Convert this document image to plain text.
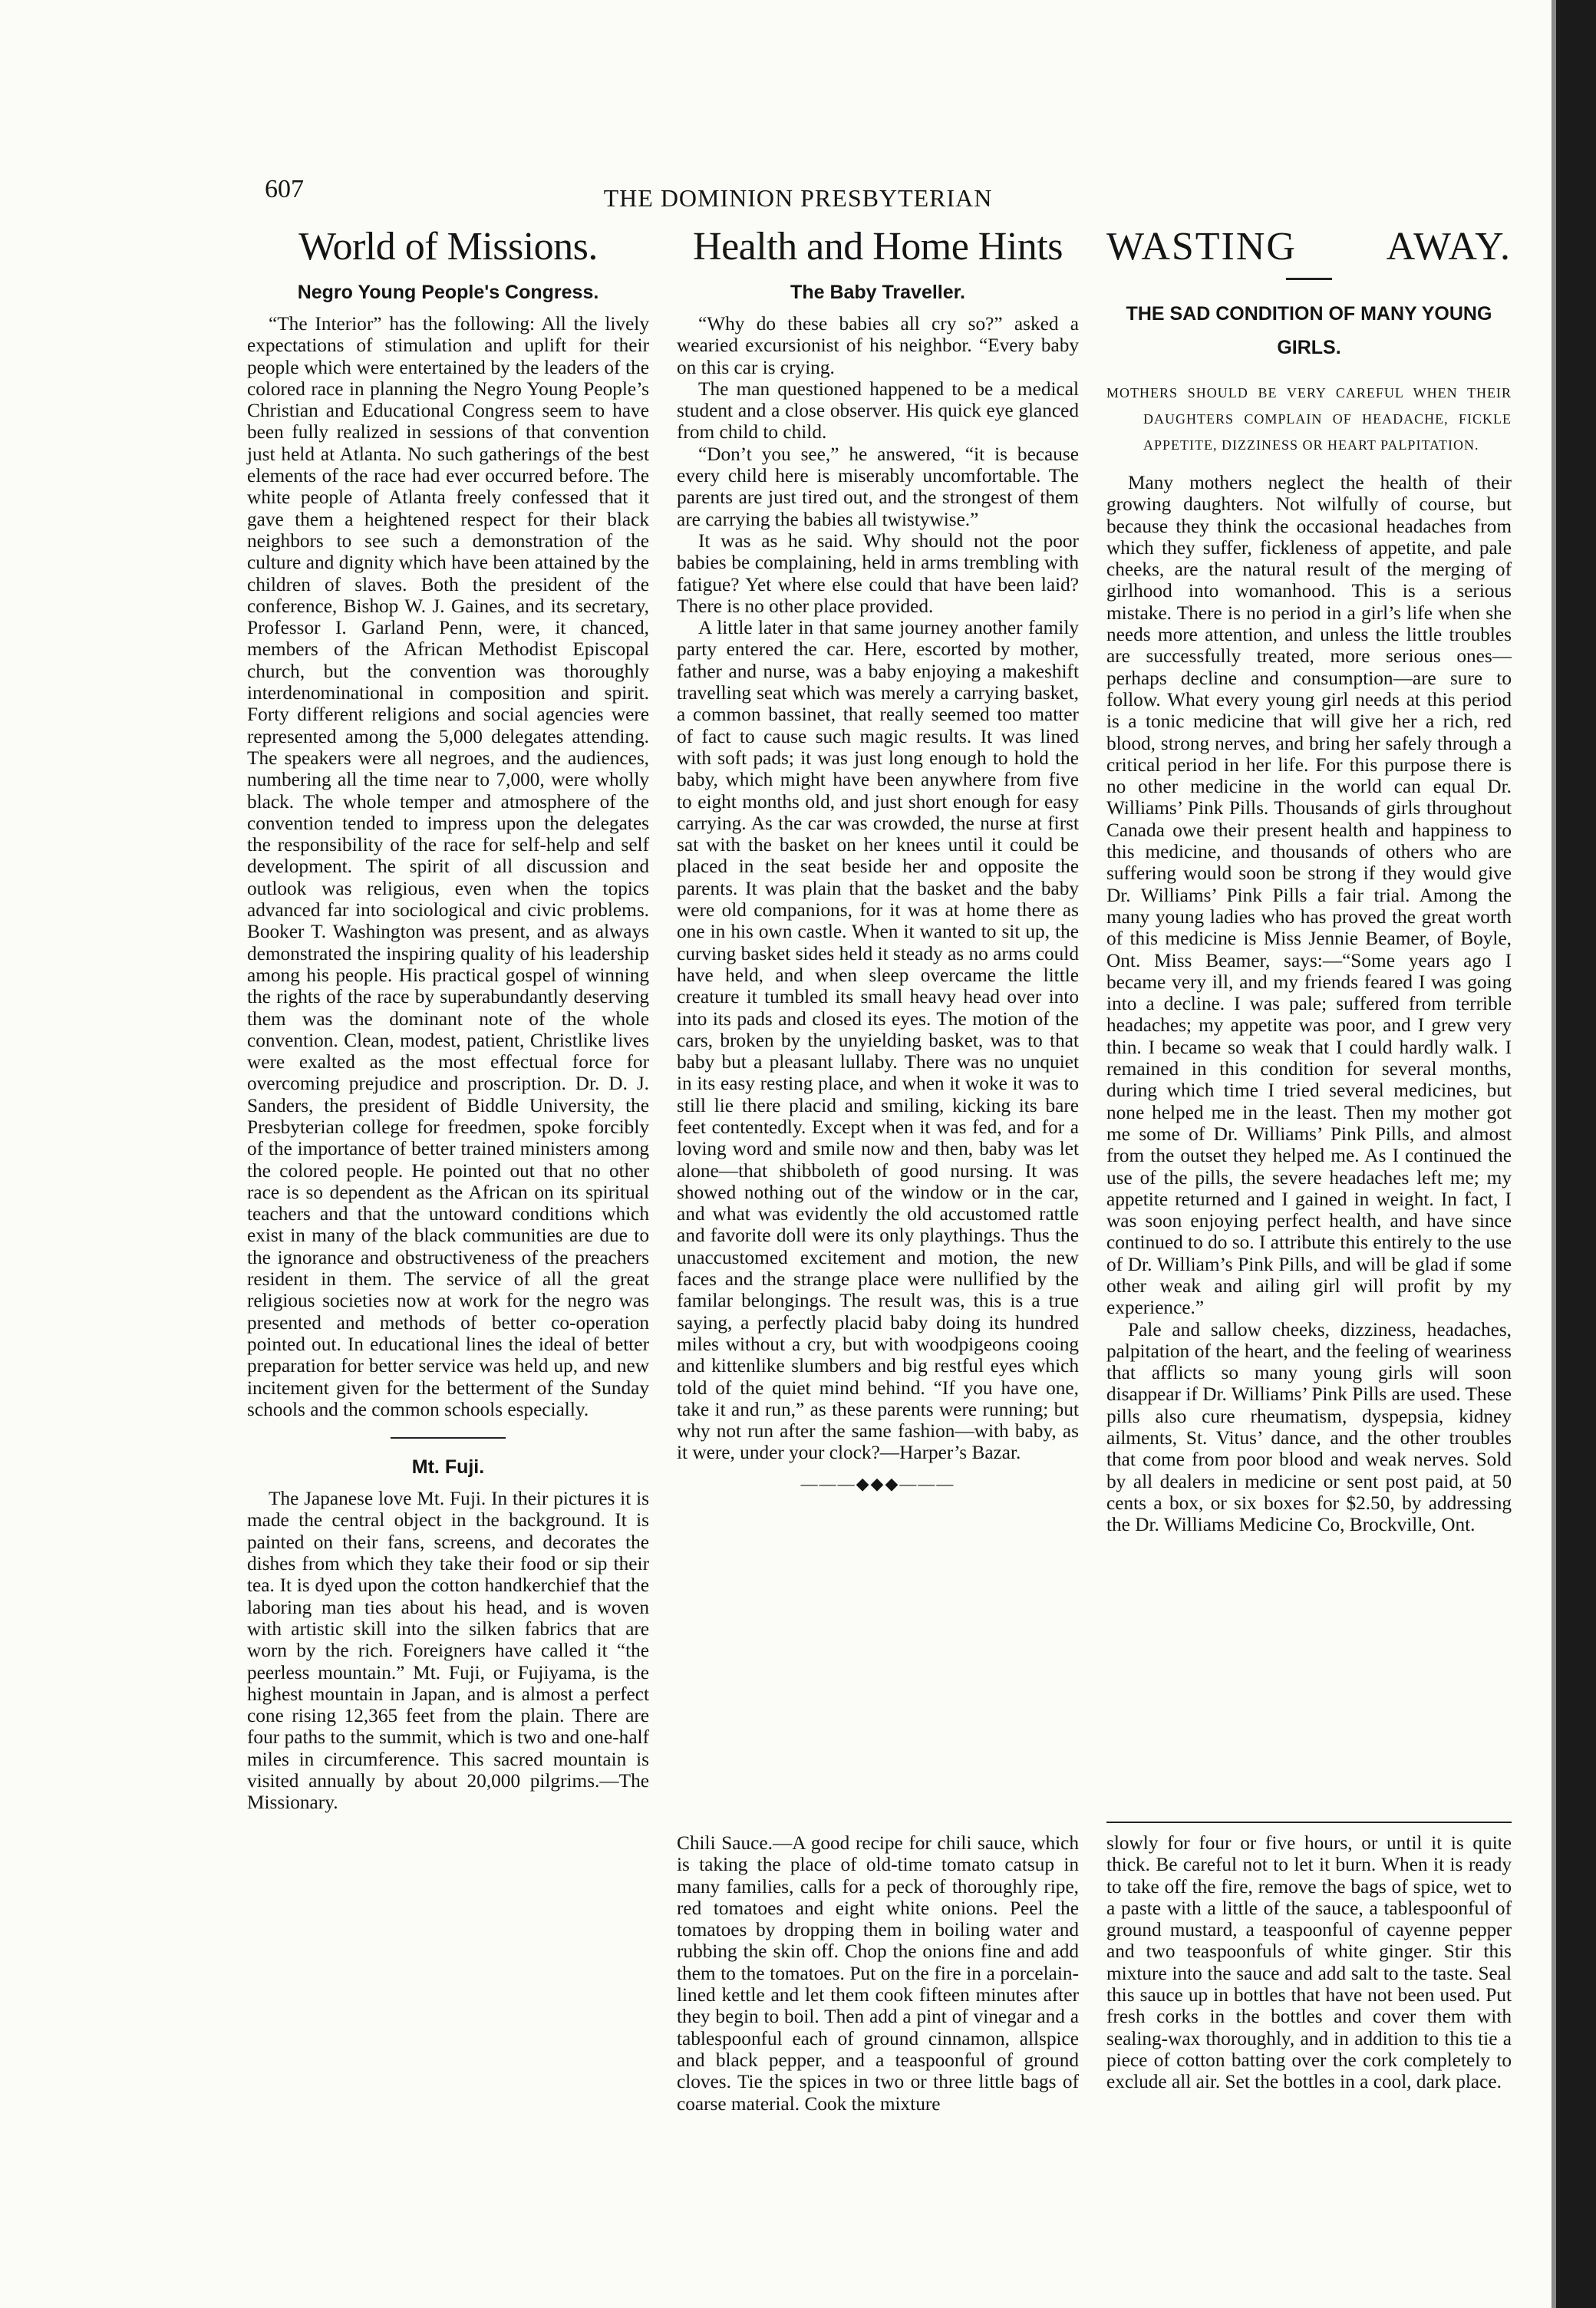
607	THE DOMINION PRESBYTERIAN
World of Missions.
Negro Young People's Congress.

“The Interior” has the following: All the lively expectations of stimulation and uplift for their people which were entertained by the leaders of the colored race in planning the Negro Young People’s Christian and Educational Congress seem to have been fully realized in sessions of that convention just held at Atlanta. No such gatherings of the best elements of the race had ever occurred before. The white people of Atlanta freely confessed that it gave them a heightened respect for their black neighbors to see such a demonstration of the culture and dignity which have been attained by the children of slaves. Both the president of the conference, Bishop W. J. Gaines, and its secretary, Professor I. Garland Penn, were, it chanced, members of the African Methodist Episcopal church, but the convention was thoroughly interdenominational in composition and spirit. Forty different religions and social agencies were represented among the 5,000 delegates attending. The speakers were all negroes, and the audiences, numbering all the time near to 7,000, were wholly black. The whole temper and atmosphere of the convention tended to impress upon the delegates the responsibility of the race for self-help and self development. The spirit of all discussion and outlook was religious, even when the topics advanced far into sociological and civic problems. Booker T. Washington was present, and as always demonstrated the inspiring quality of his leadership among his people. His practical gospel of winning the rights of the race by superabundantly deserving them was the dominant note of the whole convention. Clean, modest, patient, Christlike lives were exalted as the most effectual force for overcoming prejudice and proscription. Dr. D. J. Sanders, the president of Biddle University, the Presbyterian college for freedmen, spoke forcibly of the importance of better trained ministers among the colored people. He pointed out that no other race is so dependent as the African on its spiritual teachers and that the untoward conditions which exist in many of the black communities are due to the ignorance and obstructiveness of the preachers resident in them. The service of all the great religious societies now at work for the negro was presented and methods of better co-operation pointed out. In educational lines the ideal of better preparation for better service was held up, and new incitement given for the betterment of the Sunday schools and the common schools especially.

Mt. Fuji.

The Japanese love Mt. Fuji. In their pictures it is made the central object in the background. It is painted on their fans, screens, and decorates the dishes from which they take their food or sip their tea. It is dyed upon the cotton handkerchief that the laboring man ties about his head, and is woven with artistic skill into the silken fabrics that are worn by the rich. Foreigners have called it “the peerless mountain.” Mt. Fuji, or Fujiyama, is the highest mountain in Japan, and is almost a perfect cone rising 12,365 feet from the plain. There are four paths to the summit, which is two and one-half miles in circumference. This sacred mountain is visited annually by about 20,000 pilgrims.—The Missionary.

Health and Home Hints
The Baby Traveller.

“Why do these babies all cry so?” asked a wearied excursionist of his neighbor. “Every baby on this car is crying.

The man questioned happened to be a medical student and a close observer. His quick eye glanced from child to child.

“Don’t you see,” he answered, “it is because every child here is miserably uncomfortable. The parents are just tired out, and the strongest of them are carrying the babies all twistywise.”

It was as he said. Why should not the poor babies be complaining, held in arms trembling with fatigue? Yet where else could that have been laid? There is no other place provided.

A little later in that same journey another family party entered the car. Here, escorted by mother, father and nurse, was a baby enjoying a makeshift travelling seat which was merely a carrying basket, a common bassinet, that really seemed too matter of fact to cause such magic results. It was lined with soft pads; it was just long enough to hold the baby, which might have been anywhere from five to eight months old, and just short enough for easy carrying. As the car was crowded, the nurse at first sat with the basket on her knees until it could be placed in the seat beside her and opposite the parents. It was plain that the basket and the baby were old companions, for it was at home there as one in his own castle. When it wanted to sit up, the curving basket sides held it steady as no arms could have held, and when sleep overcame the little creature it tumbled its small heavy head over into into its pads and closed its eyes. The motion of the cars, broken by the unyielding basket, was to that baby but a pleasant lullaby. There was no unquiet in its easy resting place, and when it woke it was to still lie there placid and smiling, kicking its bare feet contentedly. Except when it was fed, and for a loving word and smile now and then, baby was let alone—that shibboleth of good nursing. It was showed nothing out of the window or in the car, and what was evidently the old accustomed rattle and favorite doll were its only playthings. Thus the unaccustomed excitement and motion, the new faces and the strange place were nullified by the familar belongings. The result was, this is a true saying, a perfectly placid baby doing its hundred miles without a cry, but with woodpigeons cooing and kittenlike slumbers and big restful eyes which told of the quiet mind behind. “If you have one, take it and run,” as these parents were running; but why not run after the same fashion—with baby, as it were, under your clock?—Harper’s Bazar.

———◆◆◆———
WASTING AWAY.
THE SAD CONDITION OF MANY YOUNG GIRLS.
MOTHERS SHOULD BE VERY CAREFUL WHEN THEIR DAUGHTERS COMPLAIN OF HEADACHE, FICKLE APPETITE, DIZZINESS OR HEART PALPITATION.

Many mothers neglect the health of their growing daughters. Not wilfully of course, but because they think the occasional headaches from which they suffer, fickleness of appetite, and pale cheeks, are the natural result of the merging of girlhood into womanhood. This is a serious mistake. There is no period in a girl’s life when she needs more attention, and unless the little troubles are successfully treated, more serious ones—perhaps decline and consumption—are sure to follow. What every young girl needs at this period is a tonic medicine that will give her a rich, red blood, strong nerves, and bring her safely through a critical period in her life. For this purpose there is no other medicine in the world can equal Dr. Williams’ Pink Pills. Thousands of girls throughout Canada owe their present health and happiness to this medicine, and thousands of others who are suffering would soon be strong if they would give Dr. Williams’ Pink Pills a fair trial. Among the many young ladies who has proved the great worth of this medicine is Miss Jennie Beamer, of Boyle, Ont. Miss Beamer, says:—“Some years ago I became very ill, and my friends feared I was going into a decline. I was pale; suffered from terrible headaches; my appetite was poor, and I grew very thin. I became so weak that I could hardly walk. I remained in this condition for several months, during which time I tried several medicines, but none helped me in the least. Then my mother got me some of Dr. Williams’ Pink Pills, and almost from the outset they helped me. As I continued the use of the pills, the severe headaches left me; my appetite returned and I gained in weight. In fact, I was soon enjoying perfect health, and have since continued to do so. I attribute this entirely to the use of Dr. William’s Pink Pills, and will be glad if some other weak and ailing girl will profit by my experience.”

Pale and sallow cheeks, dizziness, headaches, palpitation of the heart, and the feeling of weariness that afflicts so many young girls will soon disappear if Dr. Williams’ Pink Pills are used. These pills also cure rheumatism, dyspepsia, kidney ailments, St. Vitus’ dance, and the other troubles that come from poor blood and weak nerves. Sold by all dealers in medicine or sent post paid, at 50 cents a box, or six boxes for $2.50, by addressing the Dr. Williams Medicine Co, Brockville, Ont.

Chili Sauce.—A good recipe for chili sauce, which is taking the place of old-time tomato catsup in many families, calls for a peck of thoroughly ripe, red tomatoes and eight white onions. Peel the tomatoes by dropping them in boiling water and rubbing the skin off. Chop the onions fine and add them to the tomatoes. Put on the fire in a porcelain-lined kettle and let them cook fifteen minutes after they begin to boil. Then add a pint of vinegar and a tablespoonful each of ground cinnamon, allspice and black pepper, and a teaspoonful of ground cloves. Tie the spices in two or three little bags of coarse material. Cook the mixture

slowly for four or five hours, or until it is quite thick. Be careful not to let it burn. When it is ready to take off the fire, remove the bags of spice, wet to a paste with a little of the sauce, a tablespoonful of ground mustard, a teaspoonful of cayenne pepper and two teaspoonfuls of white ginger. Stir this mixture into the sauce and add salt to the taste. Seal this sauce up in bottles that have not been used. Put fresh corks in the bottles and cover them with sealing-wax thoroughly, and in addition to this tie a piece of cotton batting over the cork completely to exclude all air. Set the bottles in a cool, dark place.
